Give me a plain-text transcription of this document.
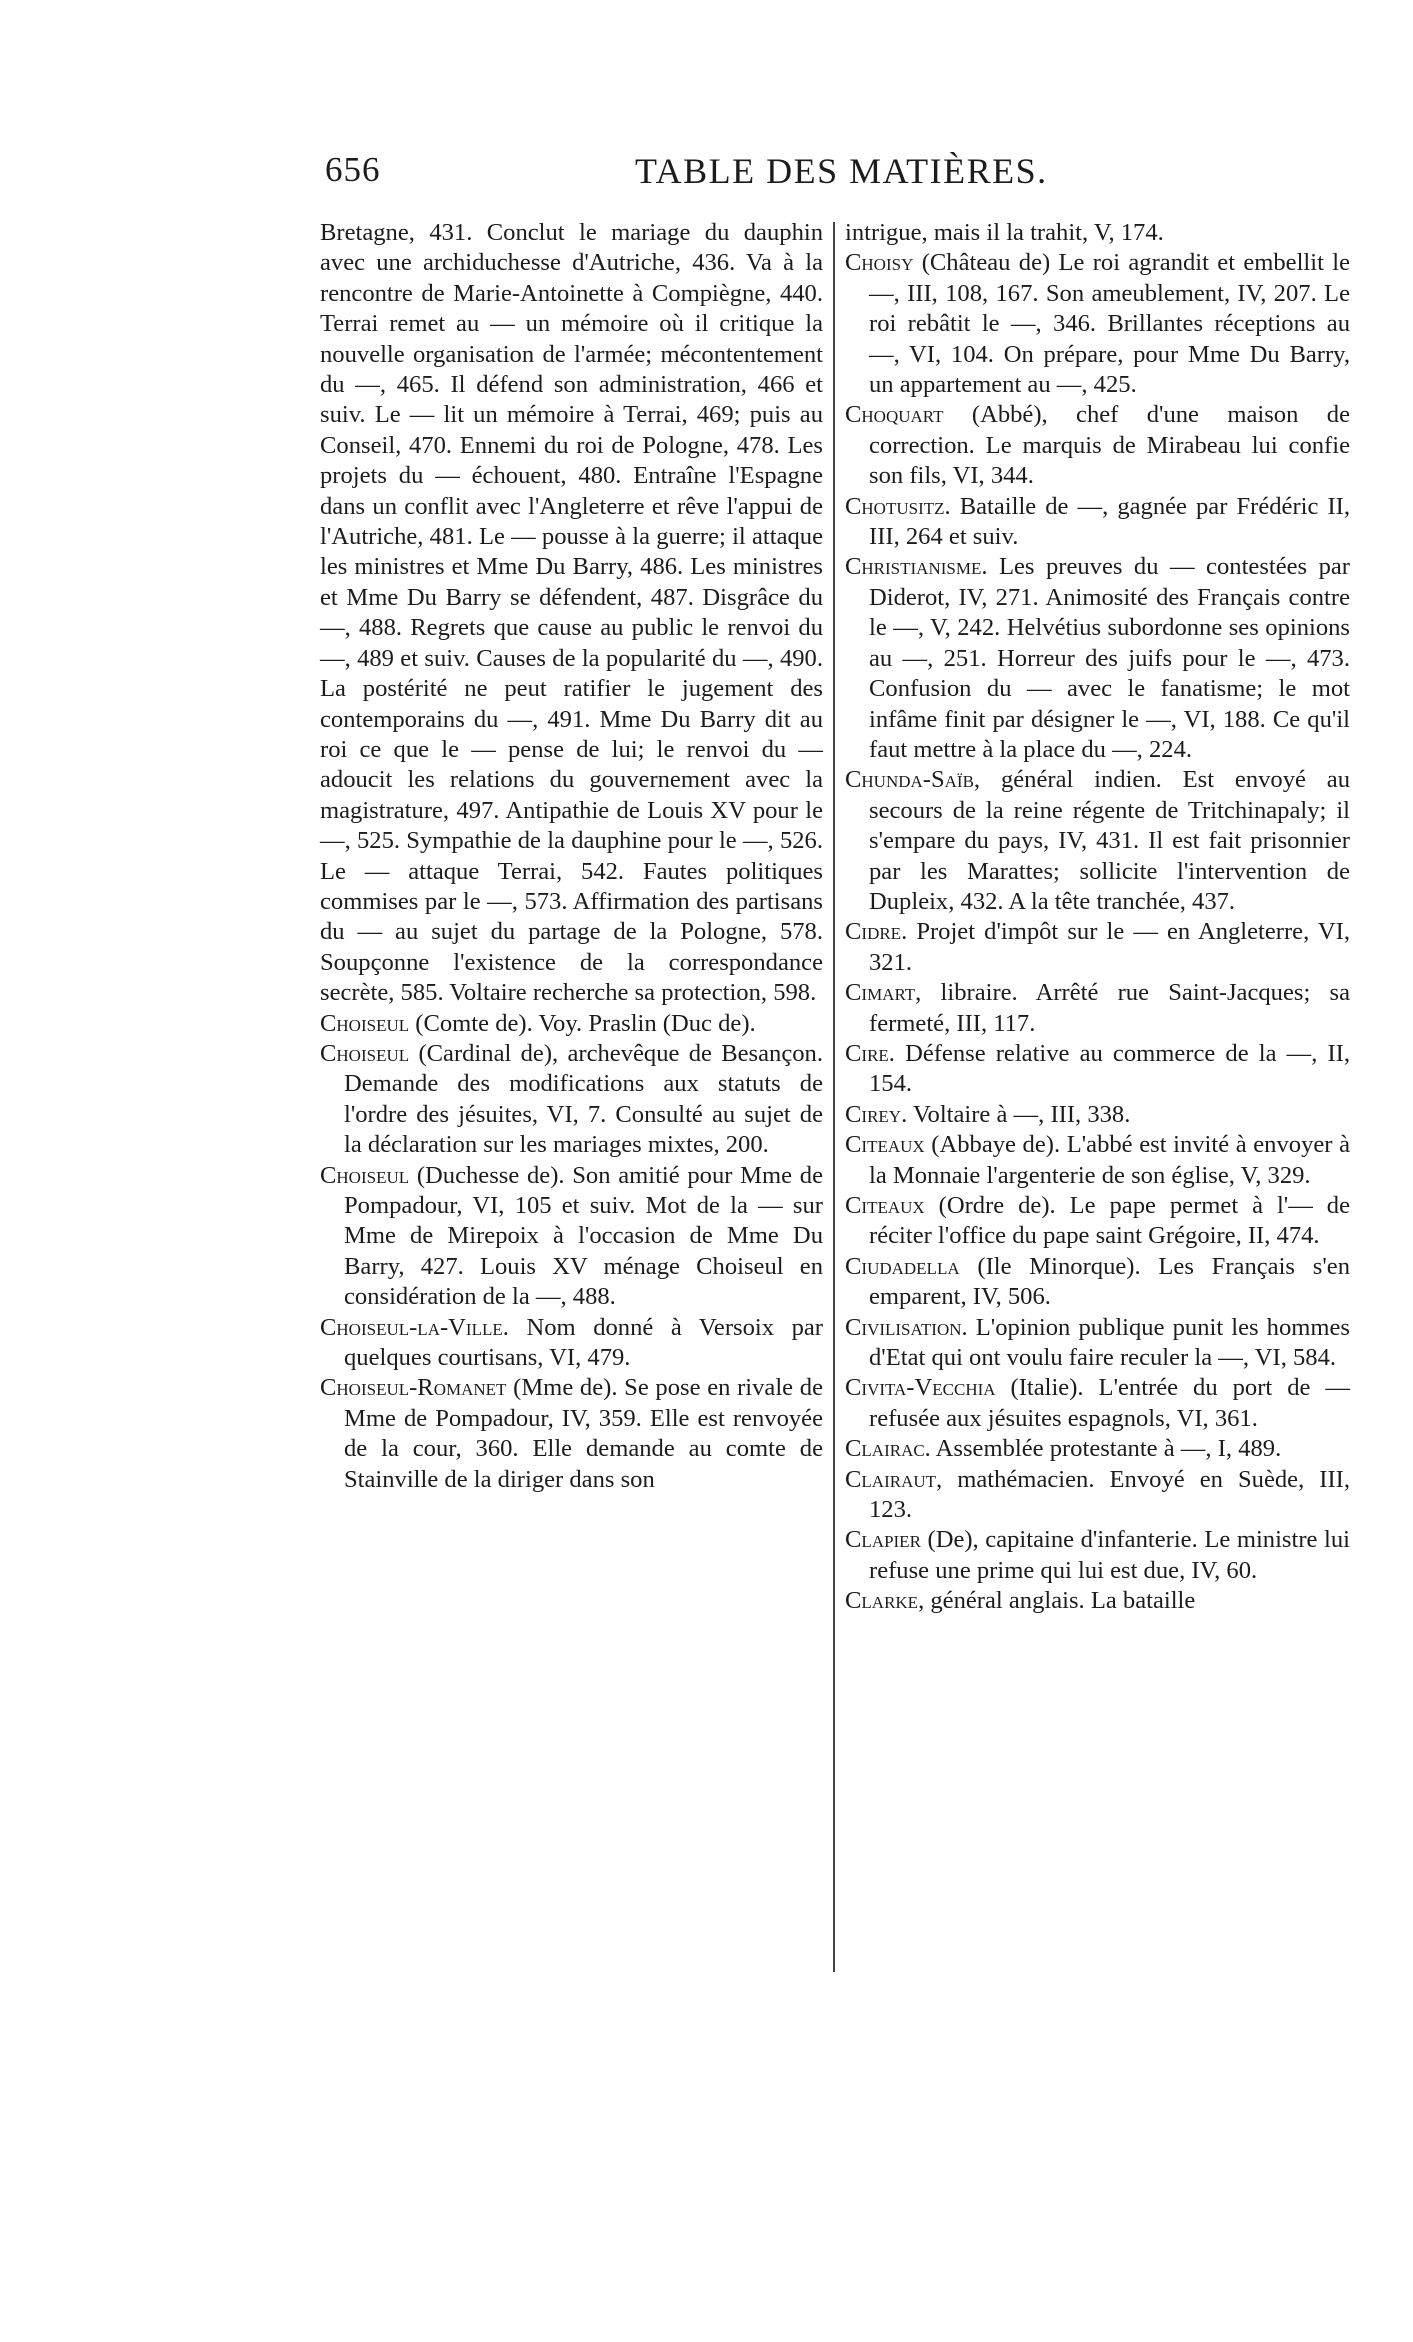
656	TABLE DES MATIÈRES.

Bretagne, 431. Conclut le mariage du dauphin avec une archiduchesse d'Autriche, 436. Va à la rencontre de Marie-Antoinette à Compiègne, 440. Terrai remet au — un mémoire où il critique la nouvelle organisation de l'armée; mécontentement du —, 465. Il défend son administration, 466 et suiv. Le — lit un mémoire à Terrai, 469; puis au Conseil, 470. Ennemi du roi de Pologne, 478. Les projets du — échouent, 480. Entraîne l'Espagne dans un conflit avec l'Angleterre et rêve l'appui de l'Autriche, 481. Le — pousse à la guerre; il attaque les ministres et Mme Du Barry, 486. Les ministres et Mme Du Barry se défendent, 487. Disgrâce du —, 488. Regrets que cause au public le renvoi du —, 489 et suiv. Causes de la popularité du —, 490. La postérité ne peut ratifier le jugement des contemporains du —, 491. Mme Du Barry dit au roi ce que le — pense de lui; le renvoi du — adoucit les relations du gouvernement avec la magistrature, 497. Antipathie de Louis XV pour le —, 525. Sympathie de la dauphine pour le —, 526. Le — attaque Terrai, 542. Fautes politiques commises par le —, 573. Affirmation des partisans du — au sujet du partage de la Pologne, 578. Soupçonne l'existence de la correspondance secrète, 585. Voltaire recherche sa protection, 598.

Choiseul (Comte de). Voy. Praslin (Duc de).

Choiseul (Cardinal de), archevêque de Besançon. Demande des modifications aux statuts de l'ordre des jésuites, VI, 7. Consulté au sujet de la déclaration sur les mariages mixtes, 200.

Choiseul (Duchesse de). Son amitié pour Mme de Pompadour, VI, 105 et suiv. Mot de la — sur Mme de Mirepoix à l'occasion de Mme Du Barry, 427. Louis XV ménage Choiseul en considération de la —, 488.

Choiseul-la-Ville. Nom donné à Versoix par quelques courtisans, VI, 479.

Choiseul-Romanet (Mme de). Se pose en rivale de Mme de Pompadour, IV, 359. Elle est renvoyée de la cour, 360. Elle demande au comte de Stainville de la diriger dans son

intrigue, mais il la trahit, V, 174.

Choisy (Château de) Le roi agrandit et embellit le —, III, 108, 167. Son ameublement, IV, 207. Le roi rebâtit le —, 346. Brillantes réceptions au —, VI, 104. On prépare, pour Mme Du Barry, un appartement au —, 425.

Choquart (Abbé), chef d'une maison de correction. Le marquis de Mirabeau lui confie son fils, VI, 344.

Chotusitz. Bataille de —, gagnée par Frédéric II, III, 264 et suiv.

Christianisme. Les preuves du — contestées par Diderot, IV, 271. Animosité des Français contre le —, V, 242. Helvétius subordonne ses opinions au —, 251. Horreur des juifs pour le —, 473. Confusion du — avec le fanatisme; le mot infâme finit par désigner le —, VI, 188. Ce qu'il faut mettre à la place du —, 224.

Chunda-Saïb, général indien. Est envoyé au secours de la reine régente de Tritchinapaly; il s'empare du pays, IV, 431. Il est fait prisonnier par les Marattes; sollicite l'intervention de Dupleix, 432. A la tête tranchée, 437.

Cidre. Projet d'impôt sur le — en Angleterre, VI, 321.

Cimart, libraire. Arrêté rue Saint-Jacques; sa fermeté, III, 117.

Cire. Défense relative au commerce de la —, II, 154.

Cirey. Voltaire à —, III, 338.

Citeaux (Abbaye de). L'abbé est invité à envoyer à la Monnaie l'argenterie de son église, V, 329.

Citeaux (Ordre de). Le pape permet à l'— de réciter l'office du pape saint Grégoire, II, 474.

Ciudadella (Ile Minorque). Les Français s'en emparent, IV, 506.

Civilisation. L'opinion publique punit les hommes d'Etat qui ont voulu faire reculer la —, VI, 584.

Civita-Vecchia (Italie). L'entrée du port de — refusée aux jésuites espagnols, VI, 361.

Clairac. Assemblée protestante à —, I, 489.

Clairaut, mathémacien. Envoyé en Suède, III, 123.

Clapier (De), capitaine d'infanterie. Le ministre lui refuse une prime qui lui est due, IV, 60.

Clarke, général anglais. La bataille
